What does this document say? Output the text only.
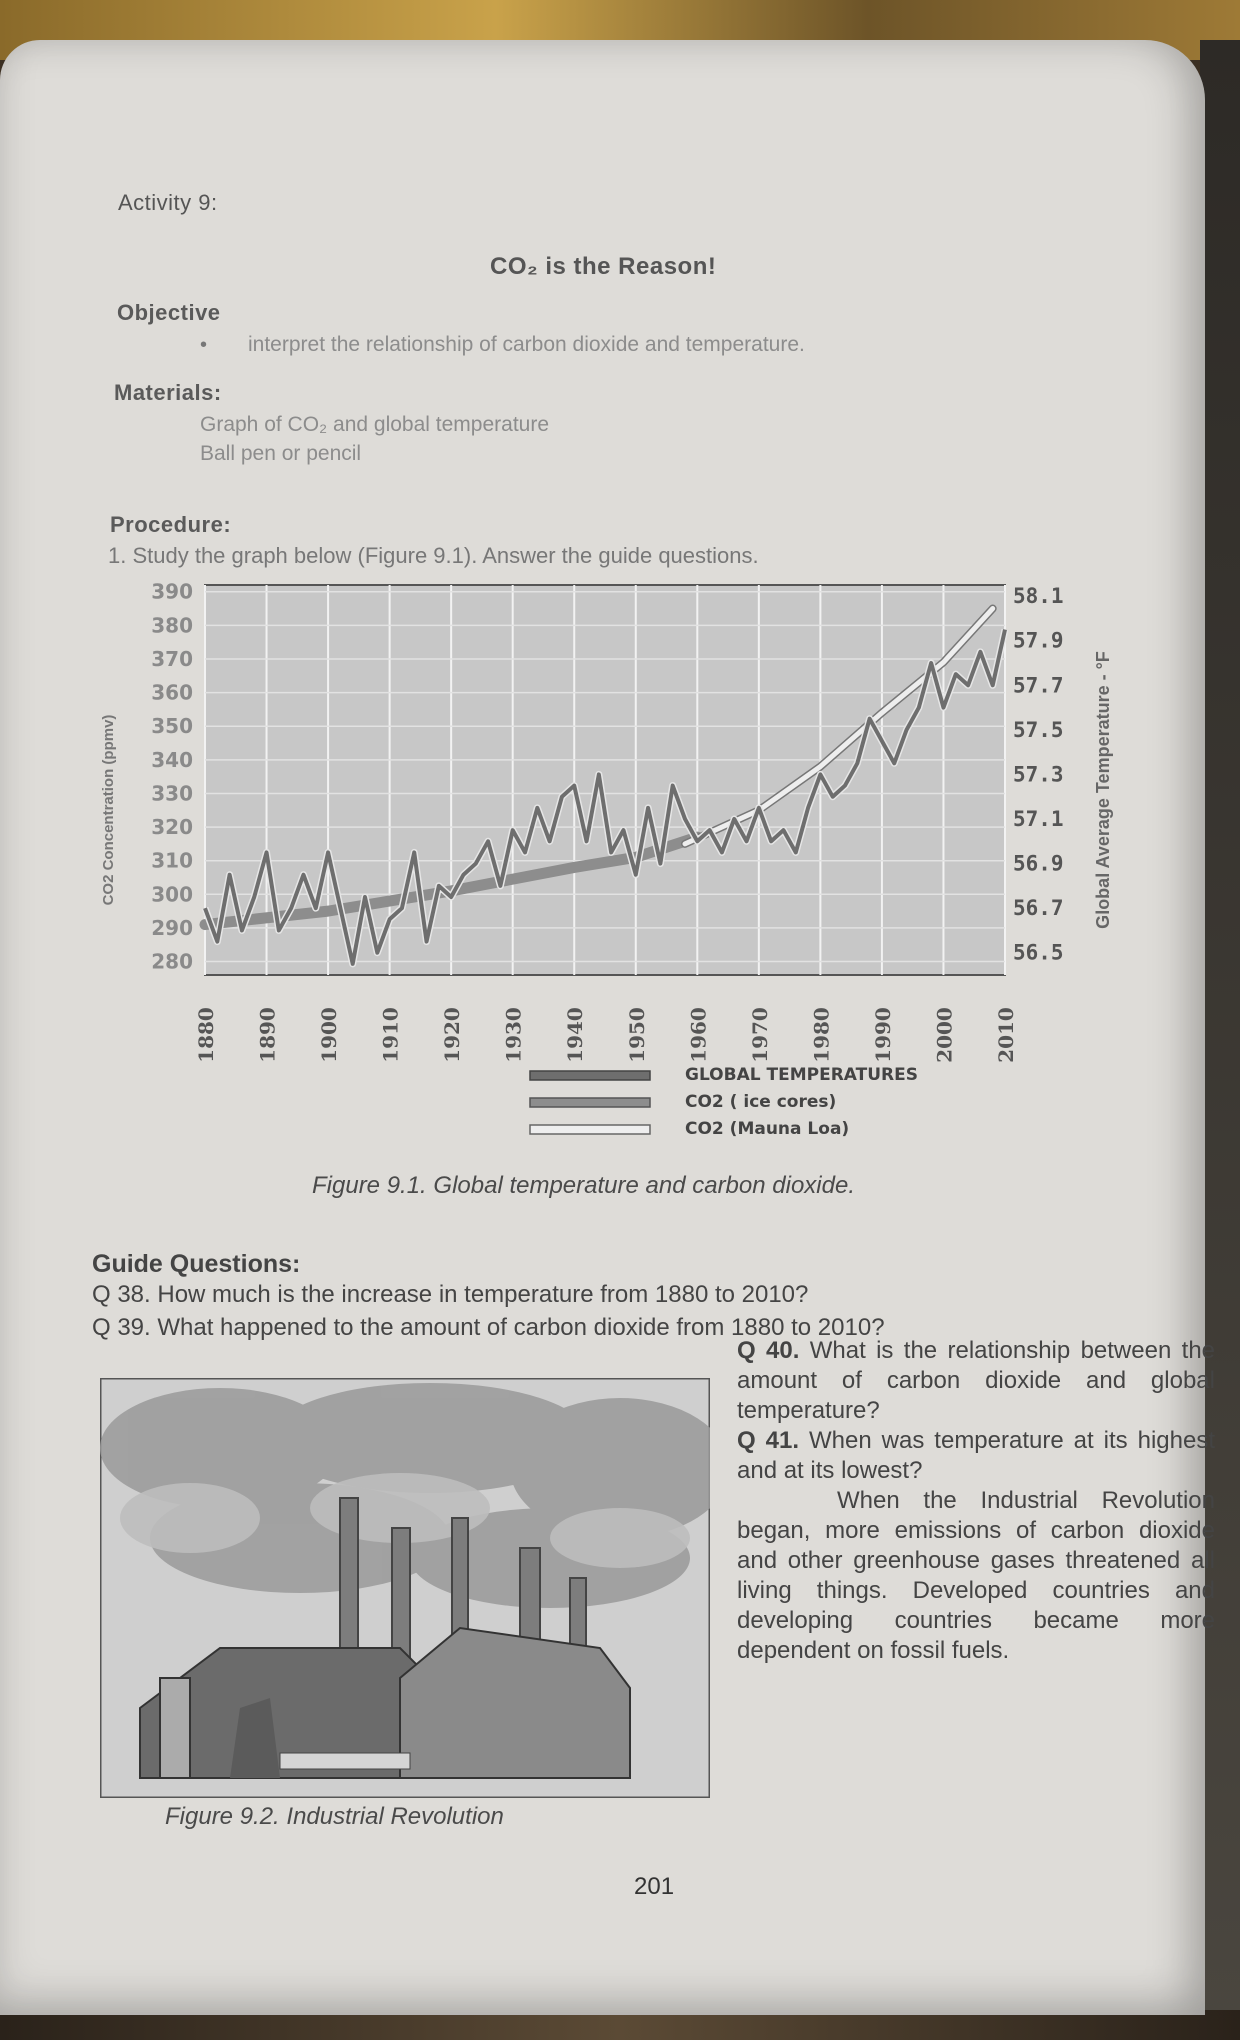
Activity 9:
CO₂ is the Reason!
Objective
• interpret the relationship of carbon dioxide and temperature.
Materials:
Graph of CO₂ and global temperature
Ball pen or pencil
Procedure:
1. Study the graph below (Figure 9.1). Answer the guide questions.
390
380
370
360
350
340
330
320
310
300
290
280
58.1
57.9
57.7
57.5
57.3
57.1
56.9
56.7
56.5
1880 1890 1900 1910 1920 1930 1940 1950 1960 1970 1980 1990 2000 2010
CO2 Concentration (ppmv)	Global Average Temperature - °F
GLOBAL TEMPERATURES
CO2 ( ice cores)
CO2 (Mauna Loa)
Figure 9.1. Global temperature and carbon dioxide.
Guide Questions:
Q 38. How much is the increase in temperature from 1880 to 2010?
Q 39. What happened to the amount of carbon dioxide from 1880 to 2010?
Q 40. What is the relationship between the amount of carbon dioxide and global temperature?
Q 41. When was temperature at its highest and at its lowest?
When the Industrial Revolution began, more emissions of carbon dioxide and other greenhouse gases threatened all living things. Developed countries and developing countries became more dependent on fossil fuels.
Figure 9.2. Industrial Revolution
201
